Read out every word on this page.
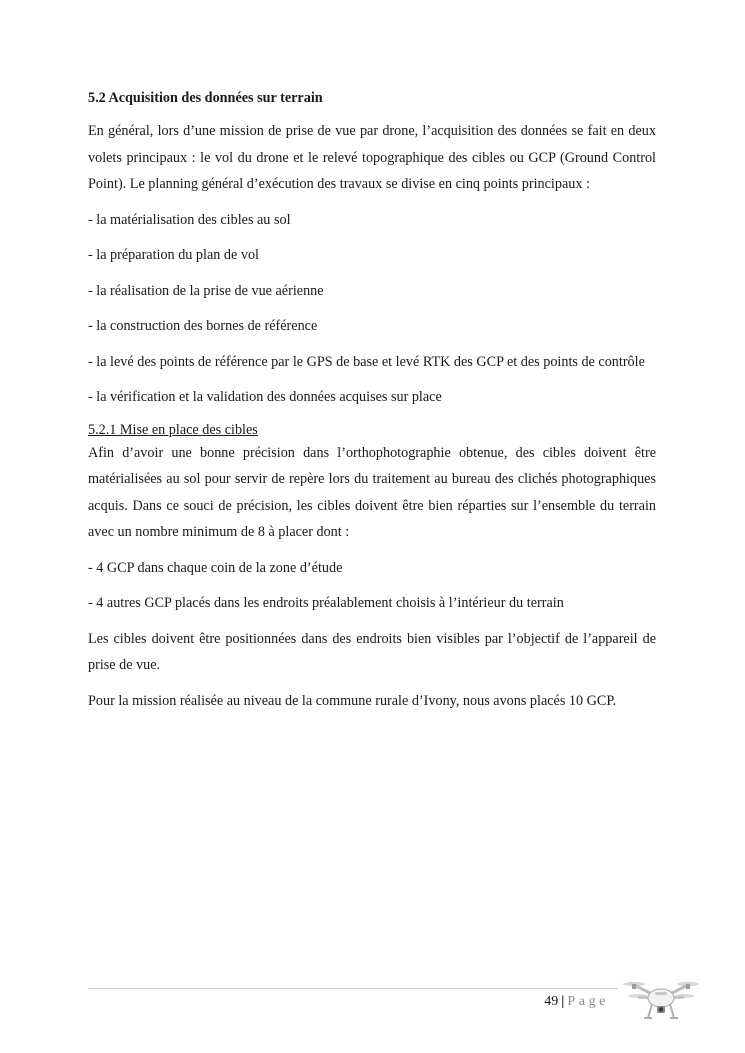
5.2 Acquisition des données sur terrain

En général, lors d’une mission de prise de vue par drone, l’acquisition des données se fait en deux volets principaux : le vol du drone et le relevé topographique des cibles ou GCP (Ground Control Point). Le planning général d’exécution des travaux se divise en cinq points principaux :

- la matérialisation des cibles au sol

- la préparation du plan de vol

- la réalisation de la prise de vue aérienne

- la construction des bornes de référence

- la levé des points de référence par le GPS de base et levé RTK des GCP et des points de contrôle

- la vérification et la validation des données acquises sur place

5.2.1 Mise en place des cibles

Afin d’avoir une bonne précision dans l’orthophotographie obtenue, des cibles doivent être matérialisées au sol pour servir de repère lors du traitement au bureau des clichés photographiques acquis. Dans ce souci de précision, les cibles doivent être bien réparties sur l’ensemble du terrain avec un nombre minimum de 8 à placer dont :

- 4 GCP dans chaque coin de la zone d’étude

- 4 autres GCP placés dans les endroits préalablement choisis à l’intérieur du terrain

Les cibles doivent être positionnées dans des endroits bien visibles par l’objectif de l’appareil de prise de vue.

Pour la mission réalisée au niveau de la commune rurale d’Ivony, nous avons placés 10 GCP.

49 | Page
